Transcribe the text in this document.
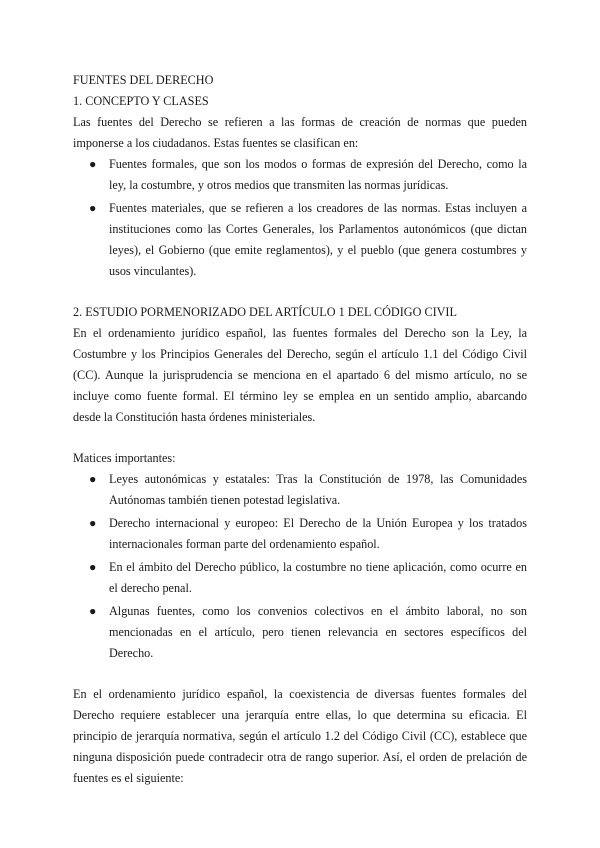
FUENTES DEL DERECHO

1. CONCEPTO Y CLASES

Las fuentes del Derecho se refieren a las formas de creación de normas que pueden imponerse a los ciudadanos. Estas fuentes se clasifican en:

● Fuentes formales, que son los modos o formas de expresión del Derecho, como la ley, la costumbre, y otros medios que transmiten las normas jurídicas.
● Fuentes materiales, que se refieren a los creadores de las normas. Estas incluyen a instituciones como las Cortes Generales, los Parlamentos autonómicos (que dictan leyes), el Gobierno (que emite reglamentos), y el pueblo (que genera costumbres y usos vinculantes).

2. ESTUDIO PORMENORIZADO DEL ARTÍCULO 1 DEL CÓDIGO CIVIL

En el ordenamiento jurídico español, las fuentes formales del Derecho son la Ley, la Costumbre y los Principios Generales del Derecho, según el artículo 1.1 del Código Civil (CC). Aunque la jurisprudencia se menciona en el apartado 6 del mismo artículo, no se incluye como fuente formal. El término ley se emplea en un sentido amplio, abarcando desde la Constitución hasta órdenes ministeriales.

Matices importantes:

● Leyes autonómicas y estatales: Tras la Constitución de 1978, las Comunidades Autónomas también tienen potestad legislativa.
● Derecho internacional y europeo: El Derecho de la Unión Europea y los tratados internacionales forman parte del ordenamiento español.
● En el ámbito del Derecho público, la costumbre no tiene aplicación, como ocurre en el derecho penal.
● Algunas fuentes, como los convenios colectivos en el ámbito laboral, no son mencionadas en el artículo, pero tienen relevancia en sectores específicos del Derecho.

En el ordenamiento jurídico español, la coexistencia de diversas fuentes formales del Derecho requiere establecer una jerarquía entre ellas, lo que determina su eficacia. El principio de jerarquía normativa, según el artículo 1.2 del Código Civil (CC), establece que ninguna disposición puede contradecir otra de rango superior. Así, el orden de prelación de fuentes es el siguiente:
